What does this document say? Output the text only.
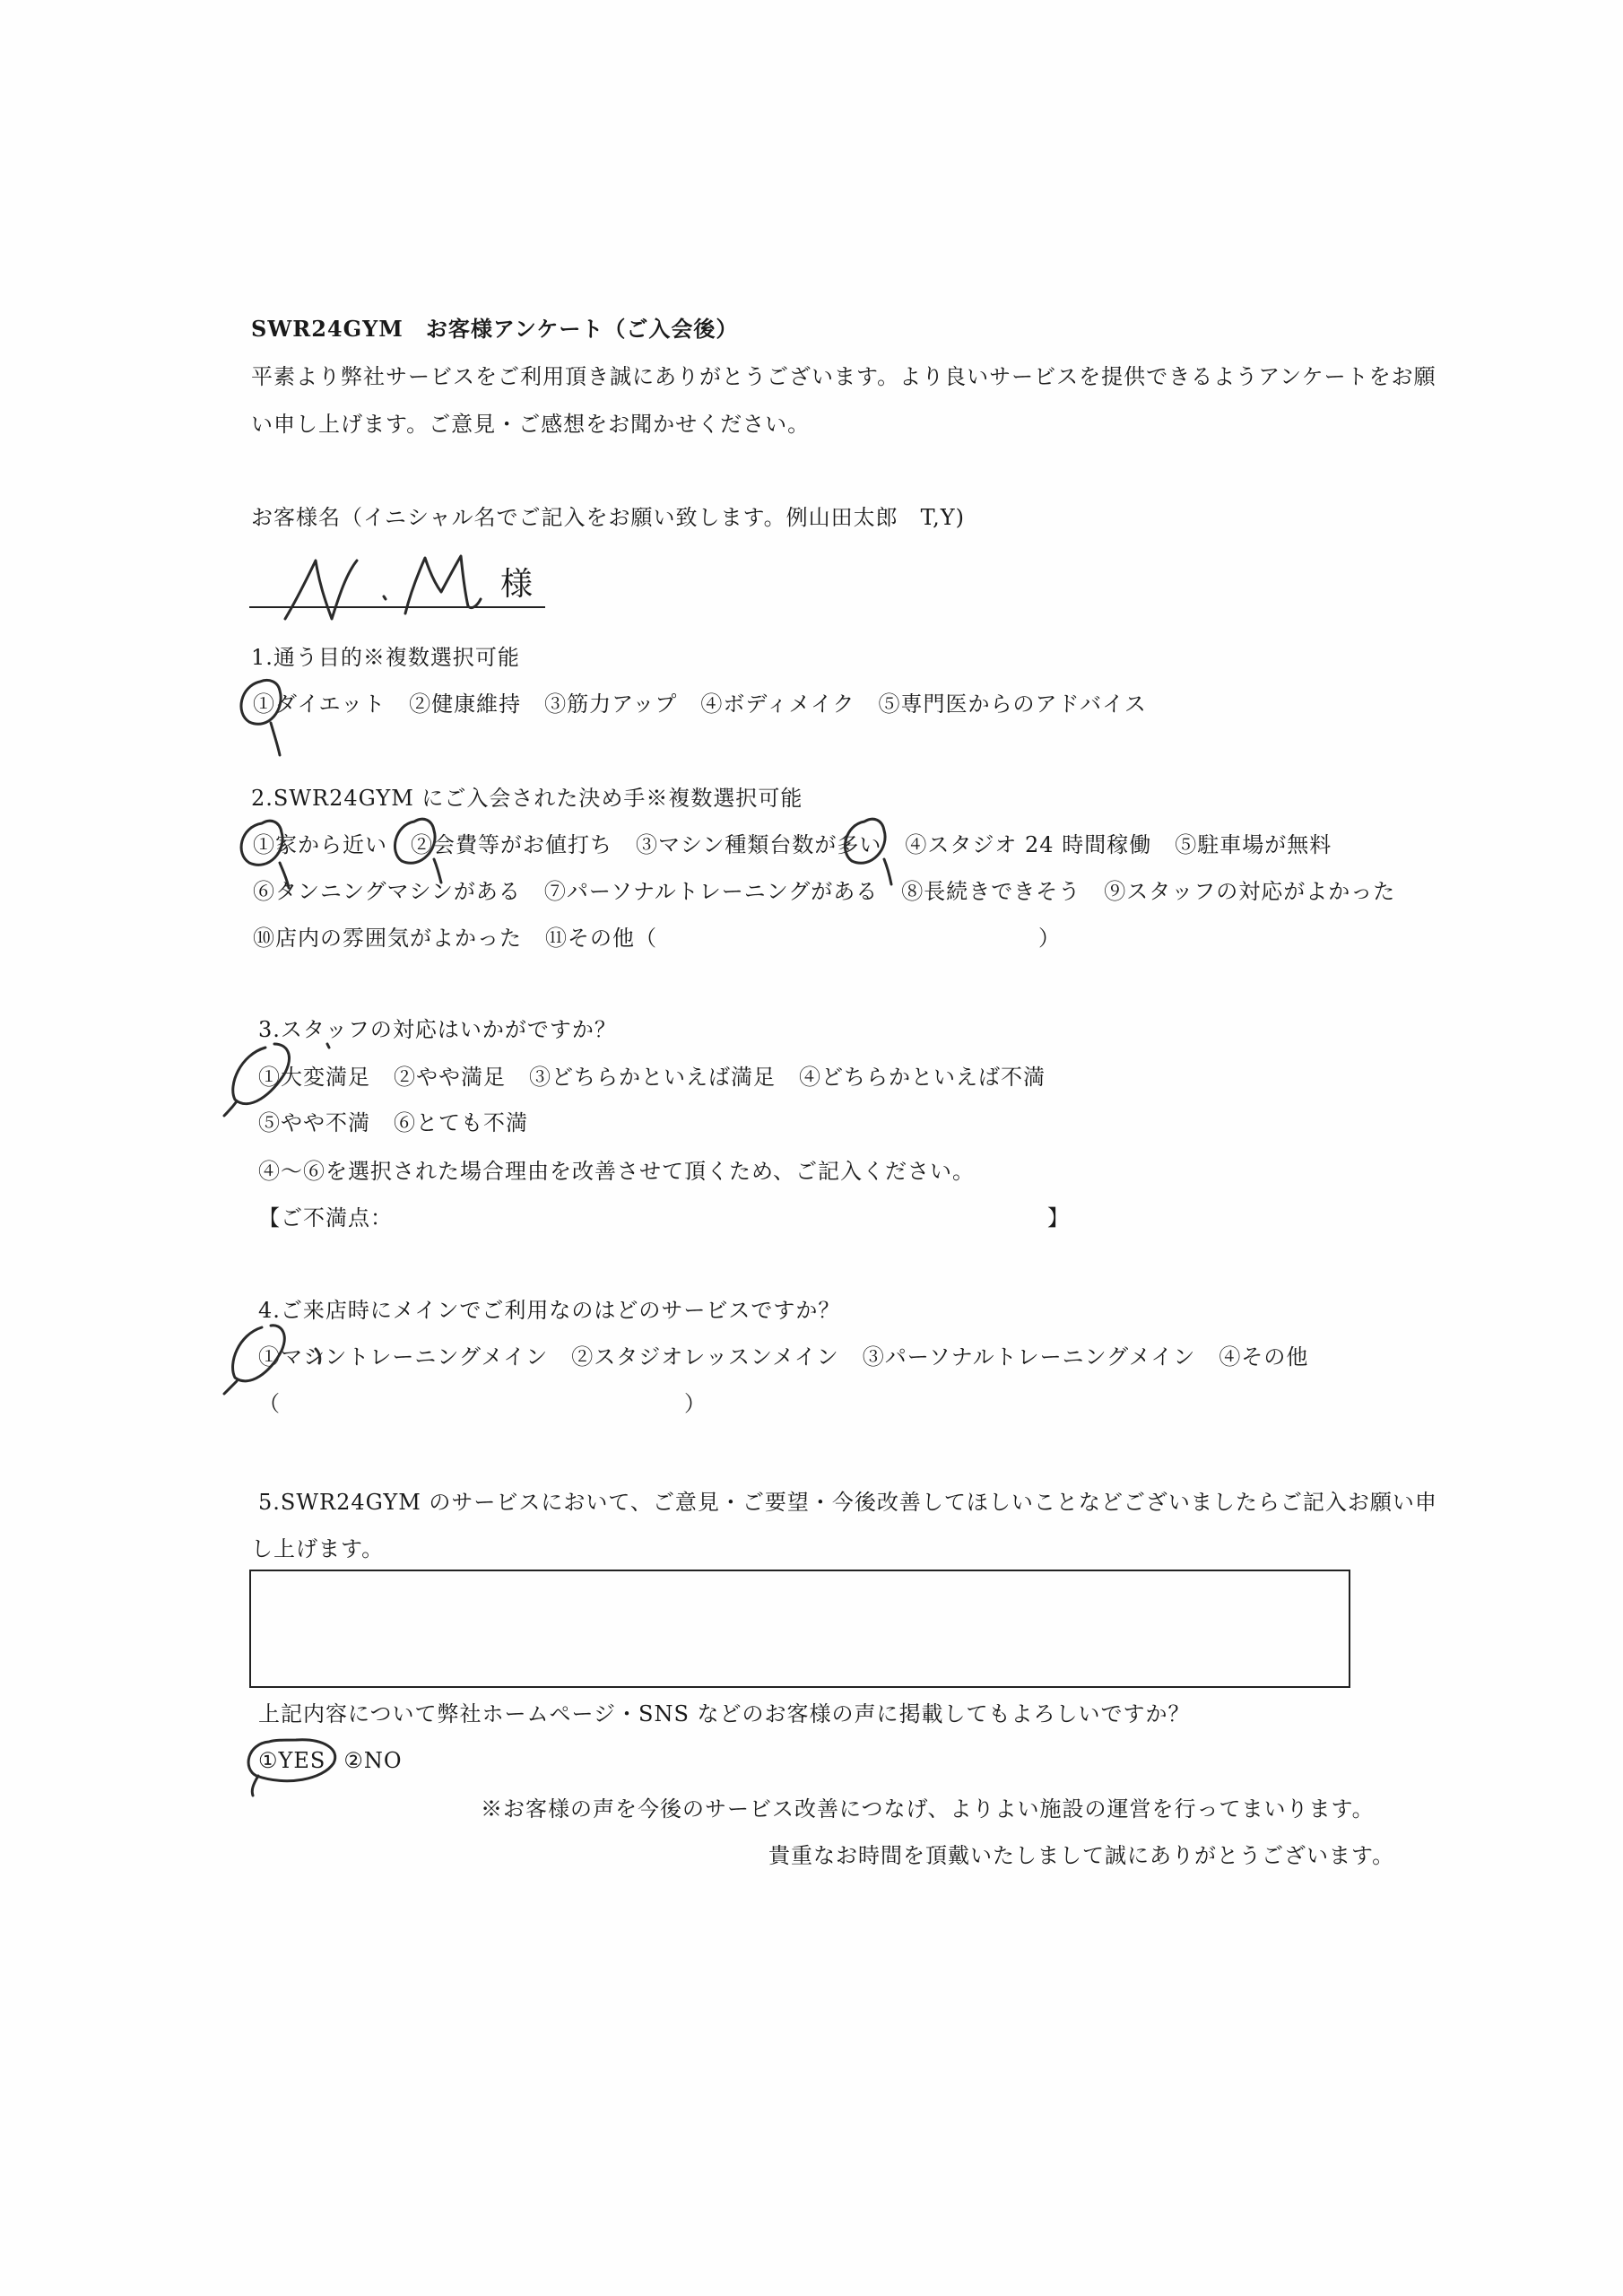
SWR24GYM　お客様アンケート（ご入会後）
平素より弊社サービスをご利用頂き誠にありがとうございます。より良いサービスを提供できるようアンケートをお願
い申し上げます。ご意見・ご感想をお聞かせください。
お客様名（イニシャル名でご記入をお願い致します。例山田太郎　T,Y)
様
1.通う目的※複数選択可能
①ダイエット ②健康維持 ③筋力アップ ④ボディメイク ⑤専門医からのアドバイス
2.SWR24GYM にご入会された決め手※複数選択可能
①家から近い ②会費等がお値打ち ③マシン種類台数が多い ④スタジオ 24 時間稼働 ⑤駐車場が無料
⑥タンニングマシンがある ⑦パーソナルトレーニングがある ⑧長続きできそう ⑨スタッフの対応がよかった
⑩店内の雰囲気がよかった ⑪その他（　　　　　　　　　　　　　　　　　）
3.スタッフの対応はいかがですか？
①大変満足 ②やや満足 ③どちらかといえば満足 ④どちらかといえば不満
⑤やや不満 ⑥とても不満
④～⑥を選択された場合理由を改善させて頂くため、ご記入ください。
【ご不満点：	】
4.ご来店時にメインでご利用なのはどのサービスですか？
①マシントレーニングメイン ②スタジオレッスンメイン ③パーソナルトレーニングメイン ④その他
（　　　　　　　　　　　　　　　　　　）
5.SWR24GYM のサービスにおいて、ご意見・ご要望・今後改善してほしいことなどございましたらご記入お願い申
し上げます。
上記内容について弊社ホームページ・SNS などのお客様の声に掲載してもよろしいですか？
①YES ②NO
※お客様の声を今後のサービス改善につなげ、よりよい施設の運営を行ってまいります。
貴重なお時間を頂戴いたしまして誠にありがとうございます。
